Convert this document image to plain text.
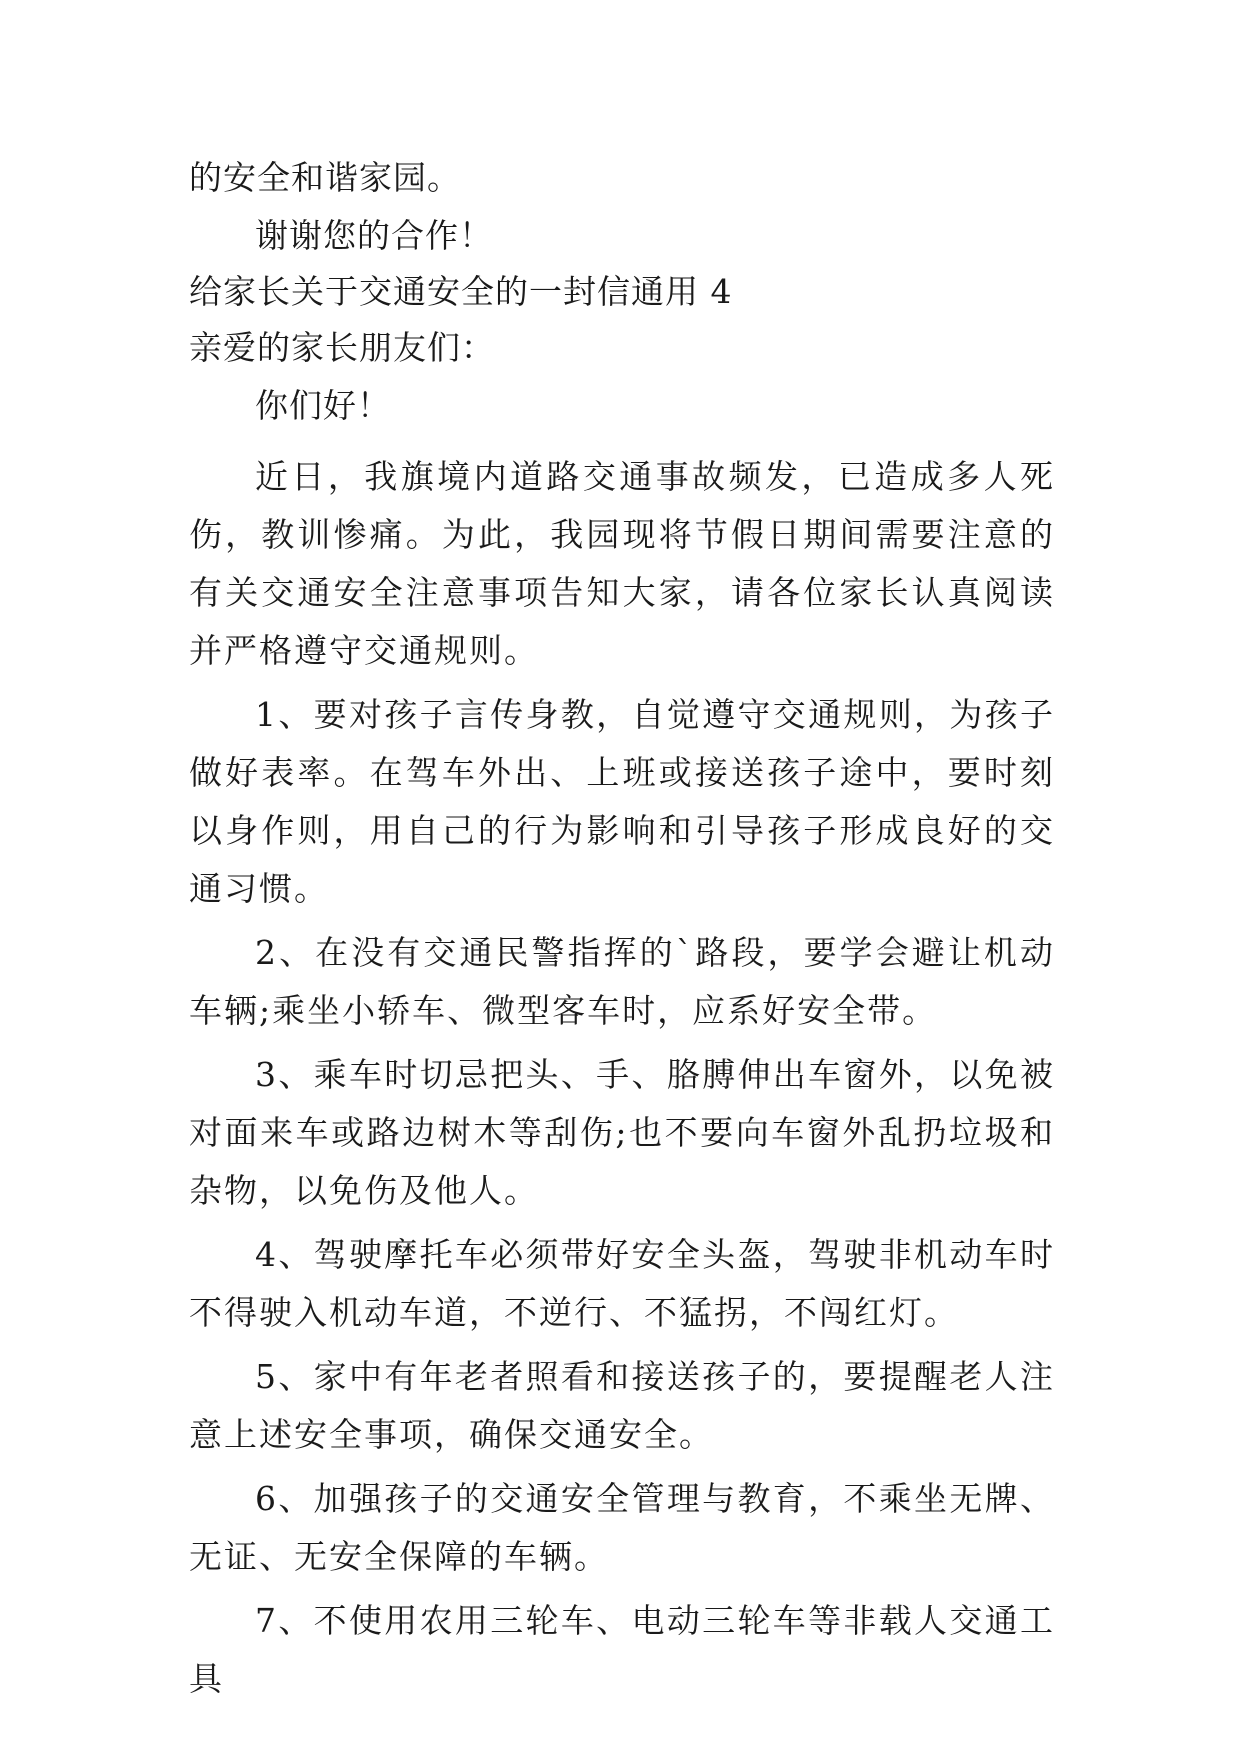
的安全和谐家园。
谢谢您的合作！
给家长关于交通安全的一封信通用 4
亲爱的家长朋友们：
你们好！

近日，我旗境内道路交通事故频发，已造成多人死伤，教训惨痛。为此，我园现将节假日期间需要注意的有关交通安全注意事项告知大家，请各位家长认真阅读并严格遵守交通规则。

1、要对孩子言传身教，自觉遵守交通规则，为孩子做好表率。在驾车外出、上班或接送孩子途中，要时刻以身作则，用自己的行为影响和引导孩子形成良好的交通习惯。

2、在没有交通民警指挥的`路段，要学会避让机动车辆;乘坐小轿车、微型客车时，应系好安全带。

3、乘车时切忌把头、手、胳膊伸出车窗外，以免被对面来车或路边树木等刮伤;也不要向车窗外乱扔垃圾和杂物，以免伤及他人。

4、驾驶摩托车必须带好安全头盔，驾驶非机动车时不得驶入机动车道，不逆行、不猛拐，不闯红灯。

5、家中有年老者照看和接送孩子的，要提醒老人注意上述安全事项，确保交通安全。

6、加强孩子的交通安全管理与教育，不乘坐无牌、无证、无安全保障的车辆。

7、不使用农用三轮车、电动三轮车等非载人交通工具
